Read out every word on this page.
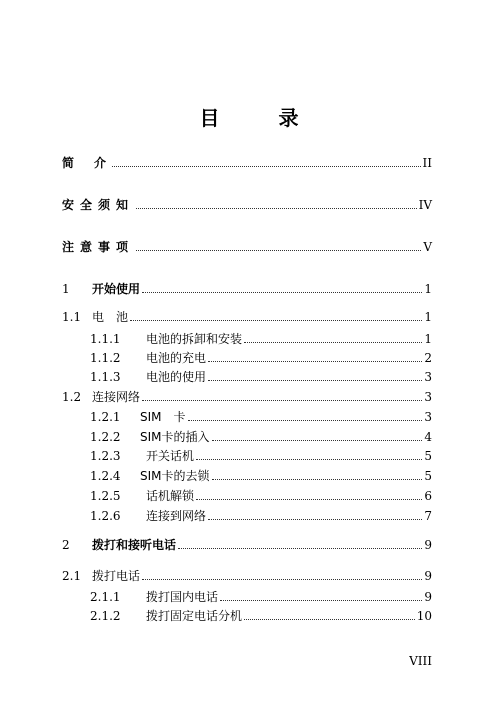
目 录
简　介	II
安全须知	IV
注意事项	V
1	开始使用	1
1.1 电　池	1
1.1.1	电池的拆卸和安装	1
1.1.2	电池的充电	2
1.1.3	电池的使用	3
1.2 连接网络	3
1.2.1	SIM　卡	3
1.2.2	SIM卡的插入	4
1.2.3	开关话机	5
1.2.4	SIM卡的去锁	5
1.2.5	话机解锁	6
1.2.6	连接到网络	7
2	拨打和接听电话	9
2.1 拨打电话	9
2.1.1	拨打国内电话	9
2.1.2	拨打固定电话分机	10
VIII
